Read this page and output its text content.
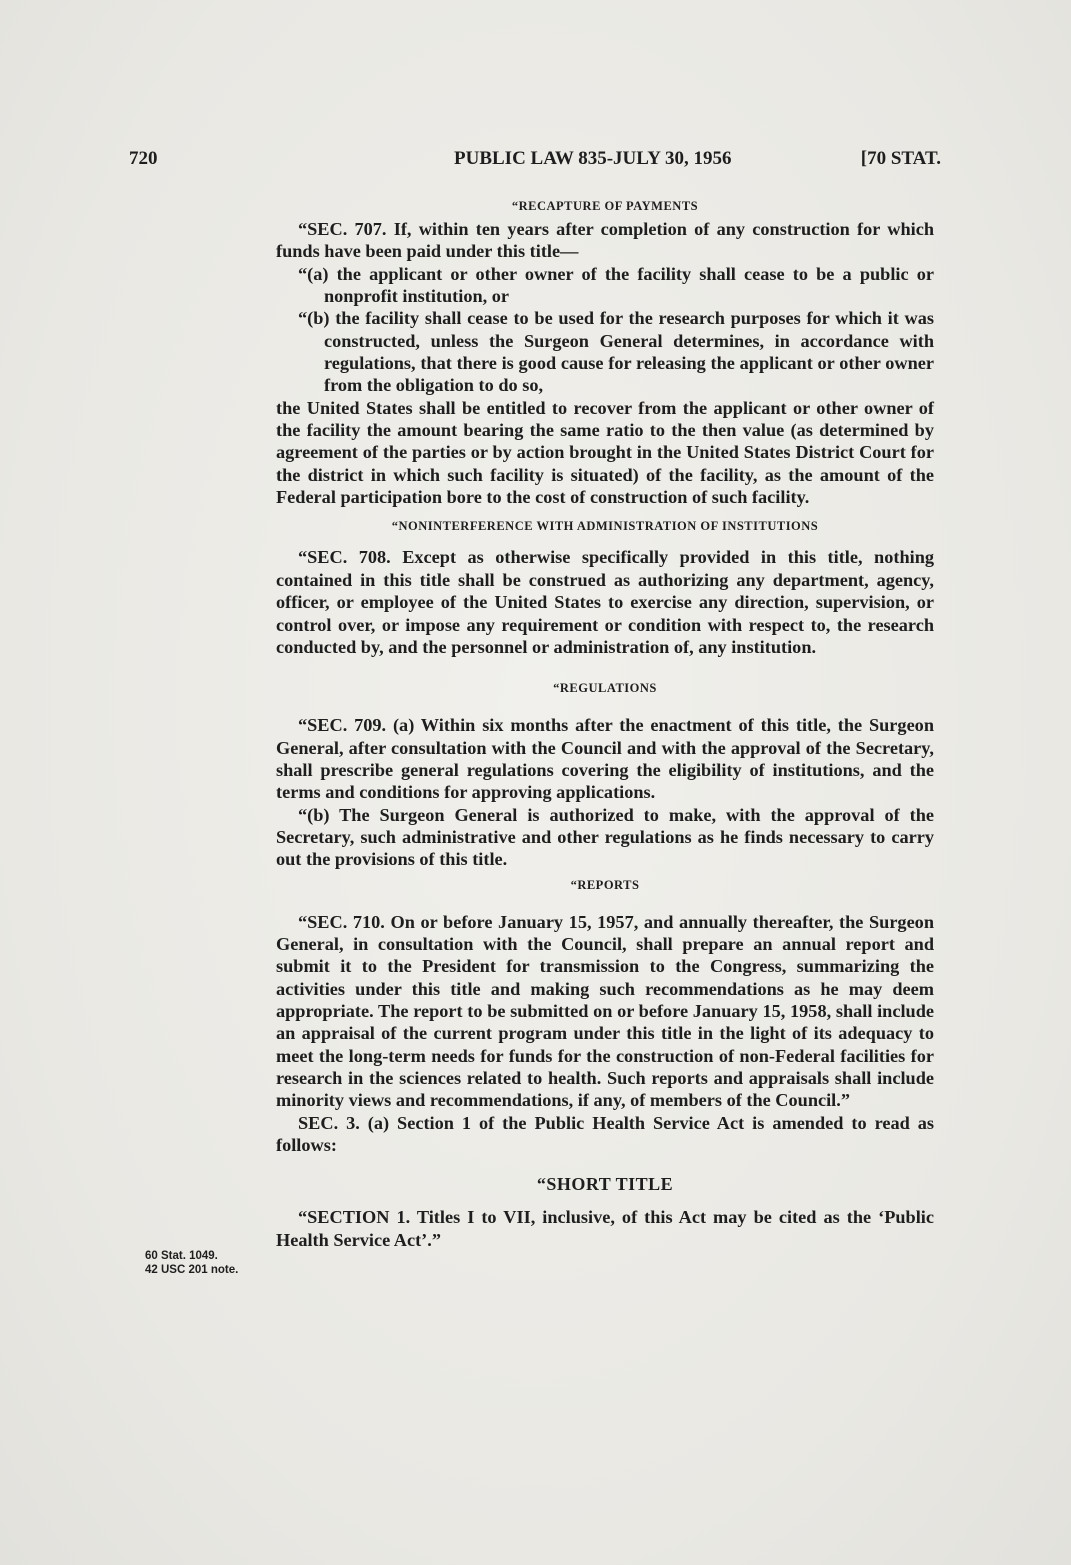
720	PUBLIC LAW 835-JULY 30, 1956	[70 STAT.
“RECAPTURE OF PAYMENTS

“SEC. 707. If, within ten years after completion of any construction for which funds have been paid under this title—

“(a) the applicant or other owner of the facility shall cease to be a public or nonprofit institution, or

“(b) the facility shall cease to be used for the research purposes for which it was constructed, unless the Surgeon General determines, in accordance with regulations, that there is good cause for releasing the applicant or other owner from the obligation to do so,

the United States shall be entitled to recover from the applicant or other owner of the facility the amount bearing the same ratio to the then value (as determined by agreement of the parties or by action brought in the United States District Court for the district in which such facility is situated) of the facility, as the amount of the Federal participation bore to the cost of construction of such facility.

“NONINTERFERENCE WITH ADMINISTRATION OF INSTITUTIONS

“SEC. 708. Except as otherwise specifically provided in this title, nothing contained in this title shall be construed as authorizing any department, agency, officer, or employee of the United States to exercise any direction, supervision, or control over, or impose any requirement or condition with respect to, the research conducted by, and the personnel or administration of, any institution.

“REGULATIONS

“SEC. 709. (a) Within six months after the enactment of this title, the Surgeon General, after consultation with the Council and with the approval of the Secretary, shall prescribe general regulations covering the eligibility of institutions, and the terms and conditions for approving applications.

“(b) The Surgeon General is authorized to make, with the approval of the Secretary, such administrative and other regulations as he finds necessary to carry out the provisions of this title.

“REPORTS

“SEC. 710. On or before January 15, 1957, and annually thereafter, the Surgeon General, in consultation with the Council, shall prepare an annual report and submit it to the President for transmission to the Congress, summarizing the activities under this title and making such recommendations as he may deem appropriate. The report to be submitted on or before January 15, 1958, shall include an appraisal of the current program under this title in the light of its adequacy to meet the long-term needs for funds for the construction of non-Federal facilities for research in the sciences related to health. Such reports and appraisals shall include minority views and recommendations, if any, of members of the Council.”

SEC. 3. (a) Section 1 of the Public Health Service Act is amended to read as follows:

“SHORT TITLE

“SECTION 1. Titles I to VII, inclusive, of this Act may be cited as the ‘Public Health Service Act’.”

60 Stat. 1049.
42 USC 201 note.
